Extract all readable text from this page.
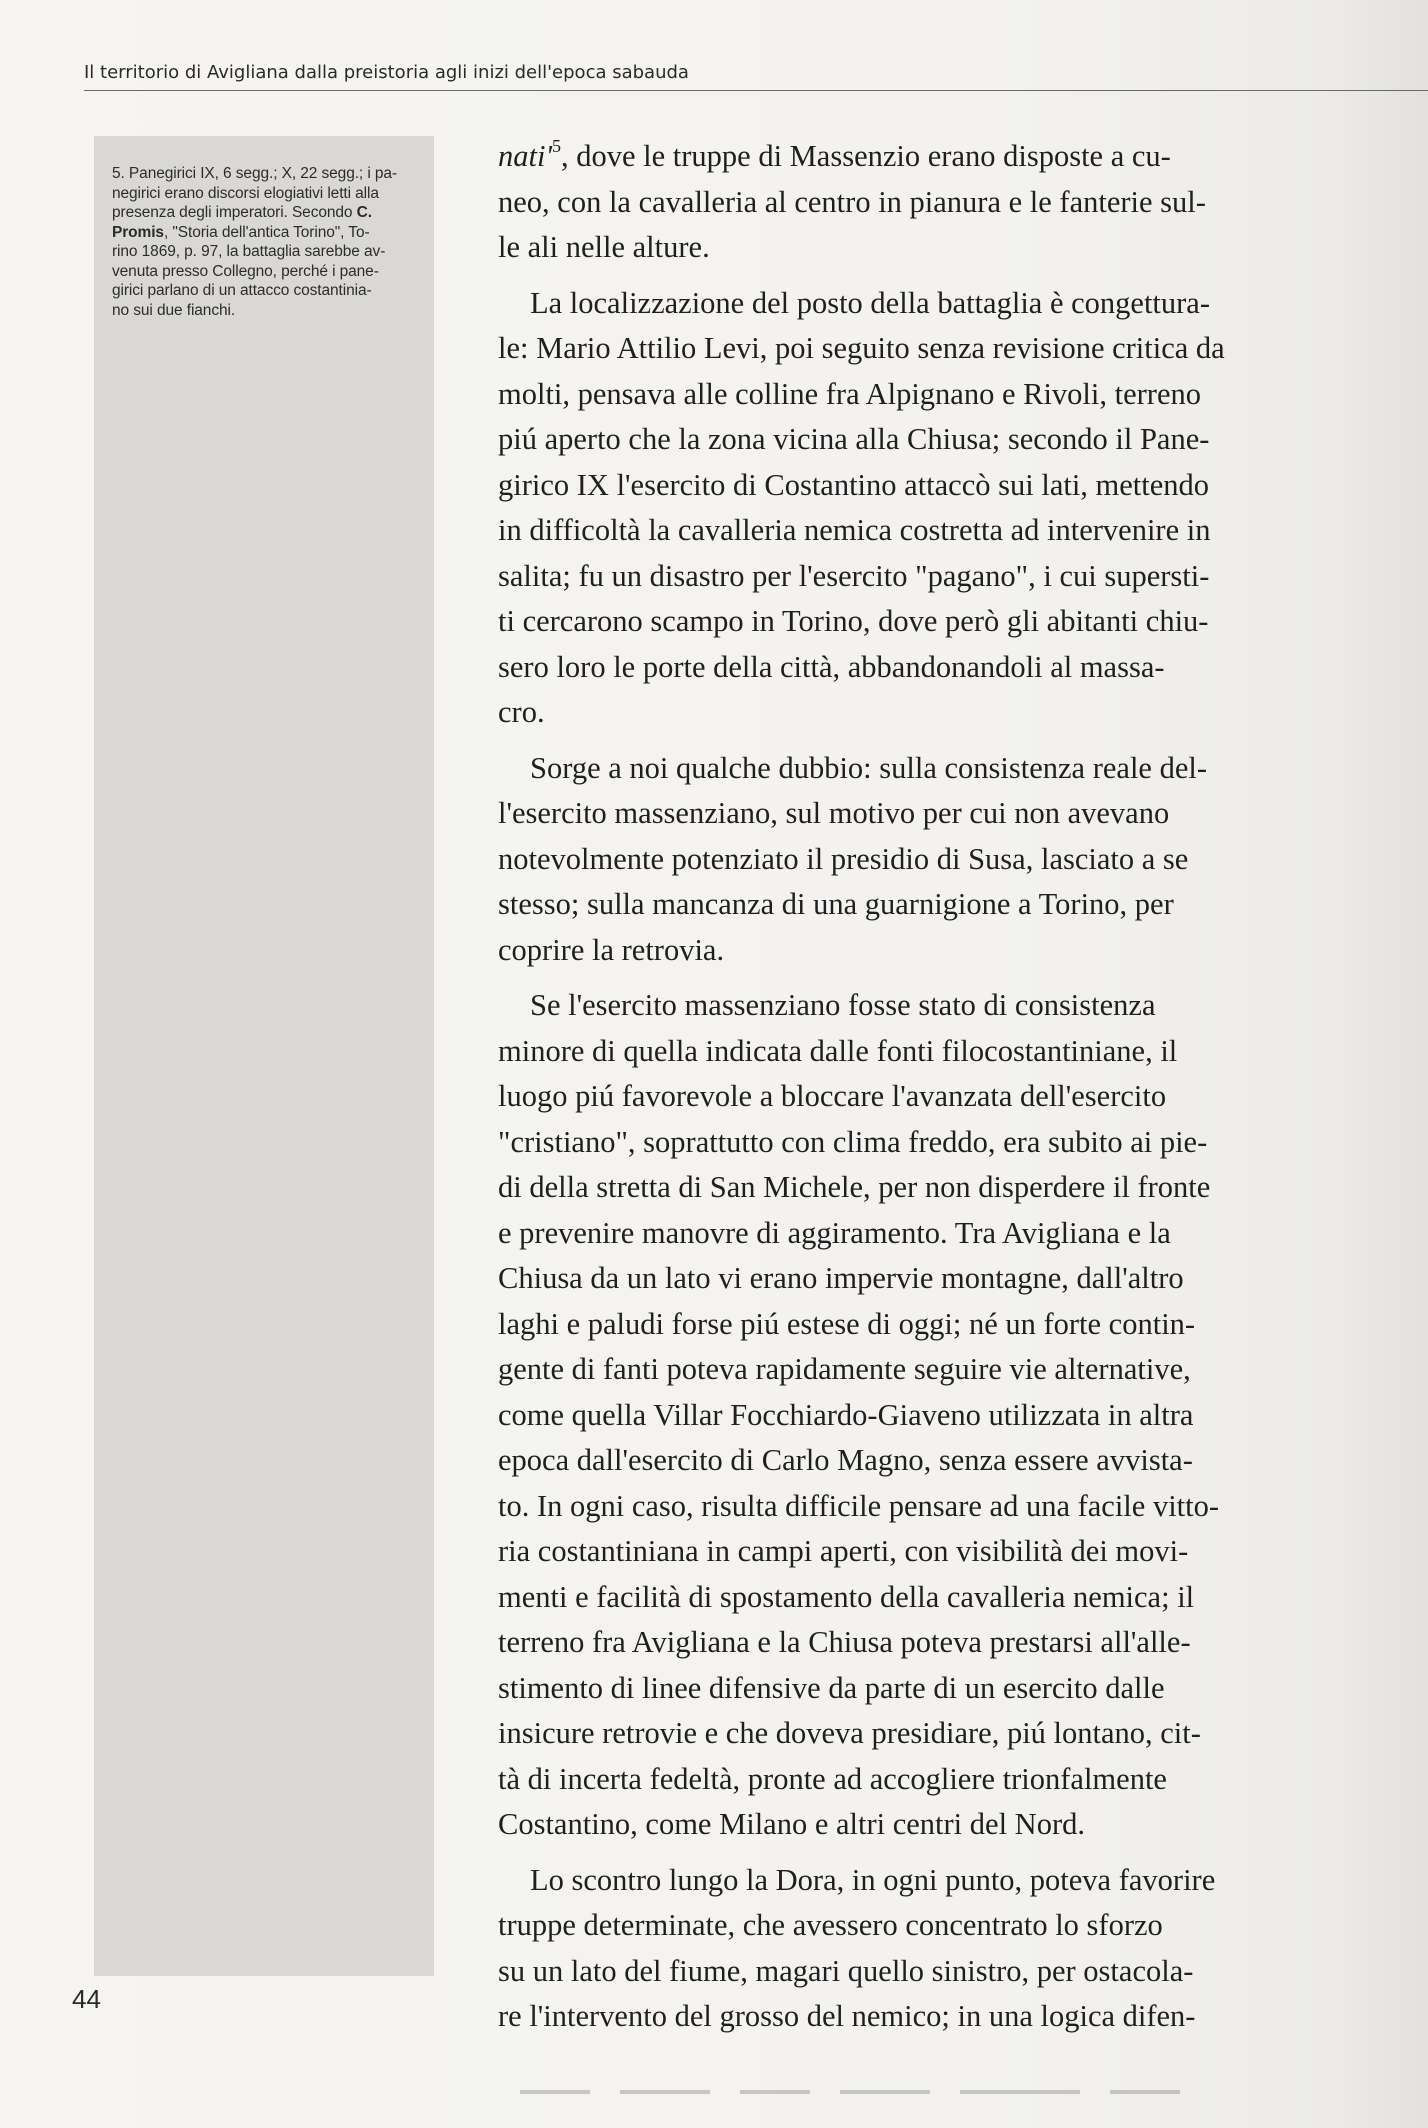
Il territorio di Avigliana dalla preistoria agli inizi dell'epoca sabauda
5. Panegirici IX, 6 segg.; X, 22 segg.; i pa-
negirici erano discorsi elogiativi letti alla
presenza degli imperatori. Secondo C.
Promis, "Storia dell'antica Torino", To-
rino 1869, p. 97, la battaglia sarebbe av-
venuta presso Collegno, perché i pane-
girici parlano di un attacco costantinia-
no sui due fianchi.
44
$nati'^5$, dove le truppe di Massenzio erano disposte a cu-
neo, con la cavalleria al centro in pianura e le fanterie sul-
le ali nelle alture.
La localizzazione del posto della battaglia è congettura-
le: Mario Attilio Levi, poi seguito senza revisione critica da
molti, pensava alle colline fra Alpignano e Rivoli, terreno
piú aperto che la zona vicina alla Chiusa; secondo il Pane-
girico IX l'esercito di Costantino attaccò sui lati, mettendo
in difficoltà la cavalleria nemica costretta ad intervenire in
salita; fu un disastro per l'esercito "pagano", i cui supersti-
ti cercarono scampo in Torino, dove però gli abitanti chiu-
sero loro le porte della città, abbandonandoli al massa-
cro.
Sorge a noi qualche dubbio: sulla consistenza reale del-
l'esercito massenziano, sul motivo per cui non avevano
notevolmente potenziato il presidio di Susa, lasciato a se
stesso; sulla mancanza di una guarnigione a Torino, per
coprire la retrovia.
Se l'esercito massenziano fosse stato di consistenza
minore di quella indicata dalle fonti filocostantiniane, il
luogo piú favorevole a bloccare l'avanzata dell'esercito
"cristiano", soprattutto con clima freddo, era subito ai pie-
di della stretta di San Michele, per non disperdere il fronte
e prevenire manovre di aggiramento. Tra Avigliana e la
Chiusa da un lato vi erano impervie montagne, dall'altro
laghi e paludi forse piú estese di oggi; né un forte contin-
gente di fanti poteva rapidamente seguire vie alternative,
come quella Villar Focchiardo-Giaveno utilizzata in altra
epoca dall'esercito di Carlo Magno, senza essere avvista-
to. In ogni caso, risulta difficile pensare ad una facile vitto-
ria costantiniana in campi aperti, con visibilità dei movi-
menti e facilità di spostamento della cavalleria nemica; il
terreno fra Avigliana e la Chiusa poteva prestarsi all'alle-
stimento di linee difensive da parte di un esercito dalle
insicure retrovie e che doveva presidiare, piú lontano, cit-
tà di incerta fedeltà, pronte ad accogliere trionfalmente
Costantino, come Milano e altri centri del Nord.
Lo scontro lungo la Dora, in ogni punto, poteva favorire
truppe determinate, che avessero concentrato lo sforzo
su un lato del fiume, magari quello sinistro, per ostacola-
re l'intervento del grosso del nemico; in una logica difen-
